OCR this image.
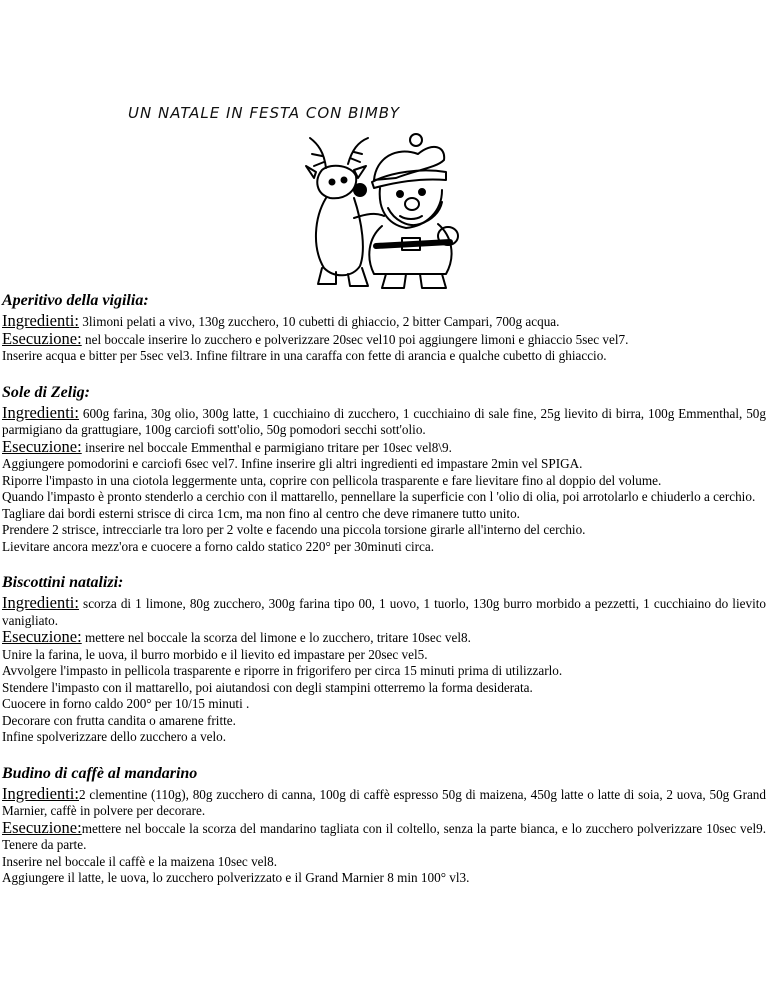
UN NATALE IN FESTA CON BIMBY
Aperitivo della vigilia:

Ingredienti: 3limoni pelati a vivo, 130g zucchero, 10 cubetti di ghiaccio, 2 bitter Campari, 700g acqua.

Esecuzione: nel boccale inserire lo zucchero e polverizzare 20sec vel10 poi aggiungere limoni e ghiaccio 5sec vel7.

Inserire acqua e bitter per 5sec vel3. Infine filtrare in una caraffa con fette di arancia e qualche cubetto di ghiaccio.

Sole di Zelig:

Ingredienti: 600g farina, 30g olio, 300g latte, 1 cucchiaino di zucchero, 1 cucchiaino di sale fine, 25g lievito di birra, 100g Emmenthal, 50g parmigiano da grattugiare, 100g carciofi sott'olio, 50g pomodori secchi sott'olio.

Esecuzione: inserire nel boccale Emmenthal e parmigiano tritare per 10sec vel8\9.

Aggiungere pomodorini e carciofi 6sec vel7. Infine inserire gli altri ingredienti ed impastare 2min vel SPIGA.

Riporre l'impasto in una ciotola leggermente unta, coprire con pellicola trasparente e fare lievitare fino al doppio del volume.

Quando l'impasto è pronto stenderlo a cerchio con il mattarello, pennellare la superficie con l 'olio di olia, poi arrotolarlo e chiuderlo a cerchio.

Tagliare dai bordi esterni strisce di circa 1cm, ma non fino al centro che deve rimanere tutto unito.

Prendere 2 strisce, intrecciarle tra loro per 2 volte e facendo una piccola torsione girarle all'interno del cerchio.

Lievitare ancora mezz'ora e cuocere a forno caldo statico 220° per 30minuti circa.

Biscottini natalizi:

Ingredienti: scorza di 1 limone, 80g zucchero, 300g farina tipo 00, 1 uovo, 1 tuorlo, 130g burro morbido a pezzetti, 1 cucchiaino do lievito vanigliato.

Esecuzione: mettere nel boccale la scorza del limone e lo zucchero, tritare 10sec vel8.

Unire la farina, le uova, il burro morbido e il lievito ed impastare per 20sec vel5.

Avvolgere l'impasto in pellicola trasparente e riporre in frigorifero per circa 15 minuti prima di utilizzarlo.

Stendere l'impasto con il mattarello, poi aiutandosi con degli stampini otterremo la forma desiderata.

Cuocere in forno caldo 200° per 10/15 minuti .

Decorare con frutta candita o amarene fritte.

Infine spolverizzare dello zucchero a velo.

Budino di caffè al mandarino

Ingredienti:2 clementine (110g), 80g zucchero di canna, 100g di caffè espresso 50g di maizena, 450g latte o latte di soia, 2 uova, 50g Grand Marnier, caffè in polvere per decorare.

Esecuzione:mettere nel boccale la scorza del mandarino tagliata con il coltello, senza la parte bianca, e lo zucchero polverizzare 10sec vel9. Tenere da parte.

Inserire nel boccale il caffè e la maizena 10sec vel8.

Aggiungere il latte, le uova, lo zucchero polverizzato e il Grand Marnier 8 min 100° vl3.
